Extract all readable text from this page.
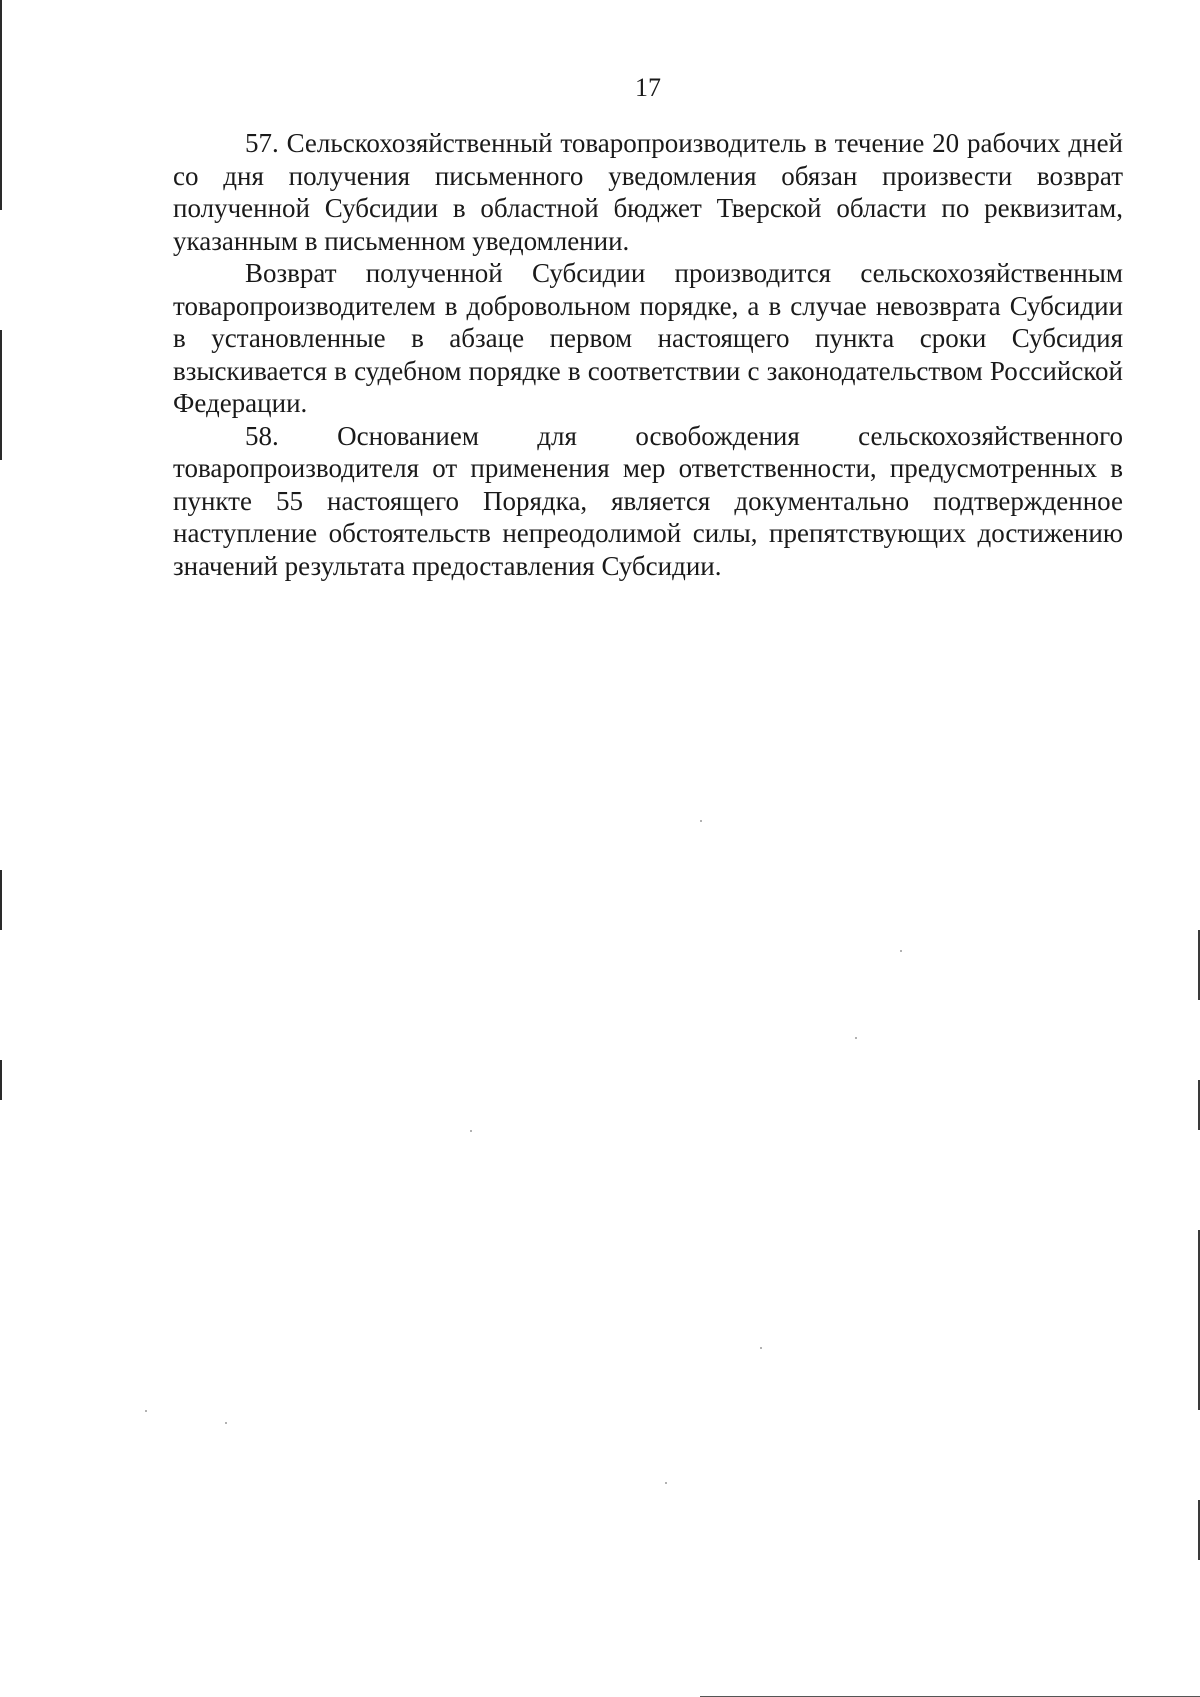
17

57. Сельскохозяйственный товаропроизводитель в течение 20 рабочих дней со дня получения письменного уведомления обязан произвести возврат полученной Субсидии в областной бюджет Тверской области по реквизитам, указанным в письменном уведомлении.

Возврат полученной Субсидии производится сельскохозяйственным товаропроизводителем в добровольном порядке, а в случае невозврата Субсидии в установленные в абзаце первом настоящего пункта сроки Субсидия взыскивается в судебном порядке в соответствии с законодательством Российской Федерации.

58. Основанием для освобождения сельскохозяйственного товаропроизводителя от применения мер ответственности, предусмотренных в пункте 55 настоящего Порядка, является документально подтвержденное наступление обстоятельств непреодолимой силы, препятствующих достижению значений результата предоставления Субсидии.
